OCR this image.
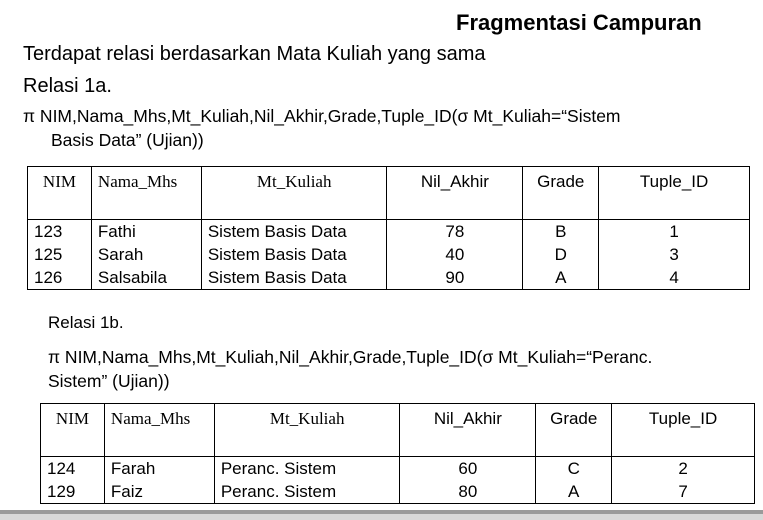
Fragmentasi Campuran
Terdapat relasi berdasarkan Mata Kuliah yang sama
Relasi 1a.
π NIM,Nama_Mhs,Mt_Kuliah,Nil_Akhir,Grade,Tuple_ID(σ Mt_Kuliah=“Sistem
Basis Data” (Ujian))
NIM	Nama_Mhs	Mt_Kuliah	Nil_Akhir	Grade	Tuple_ID
123	Fathi	Sistem Basis Data	78	B	1
125	Sarah	Sistem Basis Data	40	D	3
126	Salsabila	Sistem Basis Data	90	A	4
Relasi 1b.
π NIM,Nama_Mhs,Mt_Kuliah,Nil_Akhir,Grade,Tuple_ID(σ Mt_Kuliah=“Peranc.
Sistem” (Ujian))
NIM	Nama_Mhs	Mt_Kuliah	Nil_Akhir	Grade	Tuple_ID
124	Farah	Peranc. Sistem	60	C	2
129	Faiz	Peranc. Sistem	80	A	7
